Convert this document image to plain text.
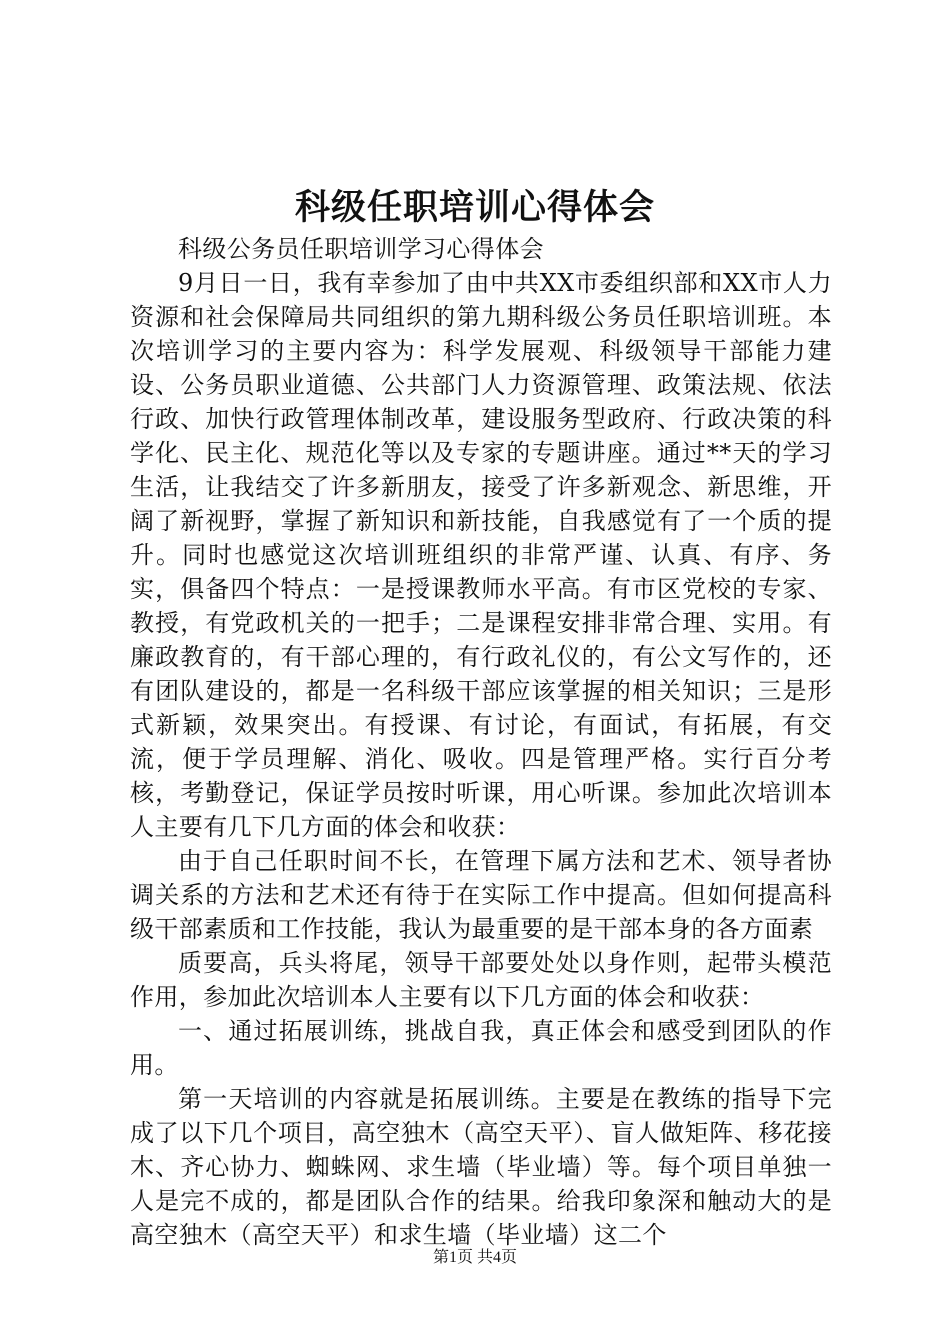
科级任职培训心得体会

科级公务员任职培训学习心得体会

9月日一日，我有幸参加了由中共XX市委组织部和XX市人力资源和社会保障局共同组织的第九期科级公务员任职培训班。本次培训学习的主要内容为：科学发展观、科级领导干部能力建设、公务员职业道德、公共部门人力资源管理、政策法规、依法行政、加快行政管理体制改革，建设服务型政府、行政决策的科学化、民主化、规范化等以及专家的专题讲座。通过**天的学习生活，让我结交了许多新朋友，接受了许多新观念、新思维，开阔了新视野，掌握了新知识和新技能，自我感觉有了一个质的提升。同时也感觉这次培训班组织的非常严谨、认真、有序、务实，俱备四个特点：一是授课教师水平高。有市区党校的专家、教授，有党政机关的一把手；二是课程安排非常合理、实用。有廉政教育的，有干部心理的，有行政礼仪的，有公文写作的，还有团队建设的，都是一名科级干部应该掌握的相关知识；三是形式新颖，效果突出。有授课、有讨论，有面试，有拓展，有交流，便于学员理解、消化、吸收。四是管理严格。实行百分考核，考勤登记，保证学员按时听课，用心听课。参加此次培训本人主要有几下几方面的体会和收获：

由于自己任职时间不长，在管理下属方法和艺术、领导者协调关系的方法和艺术还有待于在实际工作中提高。但如何提高科级干部素质和工作技能，我认为最重要的是干部本身的各方面素

质要高，兵头将尾，领导干部要处处以身作则，起带头模范作用，参加此次培训本人主要有以下几方面的体会和收获：

一、通过拓展训练，挑战自我，真正体会和感受到团队的作用。

第一天培训的内容就是拓展训练。主要是在教练的指导下完成了以下几个项目，高空独木（高空天平）、盲人做矩阵、移花接木、齐心协力、蜘蛛网、求生墙（毕业墙）等。每个项目单独一人是完不成的，都是团队合作的结果。给我印象深和触动大的是高空独木（高空天平）和求生墙（毕业墙）这二个

第1页 共4页
